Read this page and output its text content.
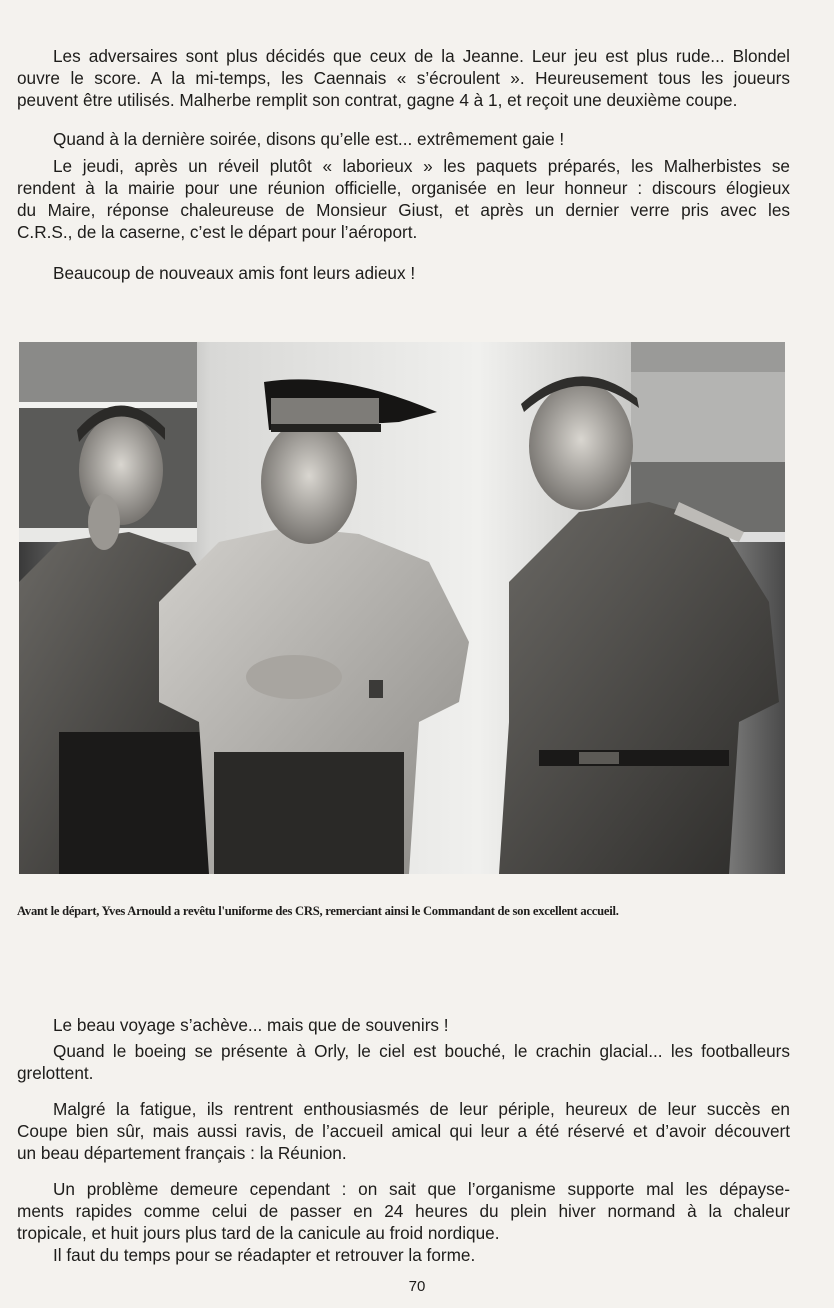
Les adversaires sont plus décidés que ceux de la Jeanne. Leur jeu est plus rude... Blondel
ouvre le score. A la mi-temps, les Caennais « s’écroulent ». Heureusement tous les joueurs
peuvent être utilisés. Malherbe remplit son contrat, gagne 4 à 1, et reçoit une deuxième coupe.

Quand à la dernière soirée, disons qu’elle est... extrêmement gaie !

Le jeudi, après un réveil plutôt « laborieux » les paquets préparés, les Malherbistes se
rendent à la mairie pour une réunion officielle, organisée en leur honneur : discours élogieux
du Maire, réponse chaleureuse de Monsieur Giust, et après un dernier verre pris avec les
C.R.S., de la caserne, c’est le départ pour l’aéroport.

Beaucoup de nouveaux amis font leurs adieux !

Avant le départ, Yves Arnould a revêtu l'uniforme des CRS, remerciant ainsi le Commandant de son excellent accueil.

Le beau voyage s’achève... mais que de souvenirs !

Quand le boeing se présente à Orly, le ciel est bouché, le crachin glacial... les footballeurs
grelottent.

Malgré la fatigue, ils rentrent enthousiasmés de leur périple, heureux de leur succès en
Coupe bien sûr, mais aussi ravis, de l’accueil amical qui leur a été réservé et d’avoir découvert
un beau département français : la Réunion.

Un problème demeure cependant : on sait que l’organisme supporte mal les dépayse-
ments rapides comme celui de passer en 24 heures du plein hiver normand à la chaleur
tropicale, et huit jours plus tard de la canicule au froid nordique.

Il faut du temps pour se réadapter et retrouver la forme.

70
